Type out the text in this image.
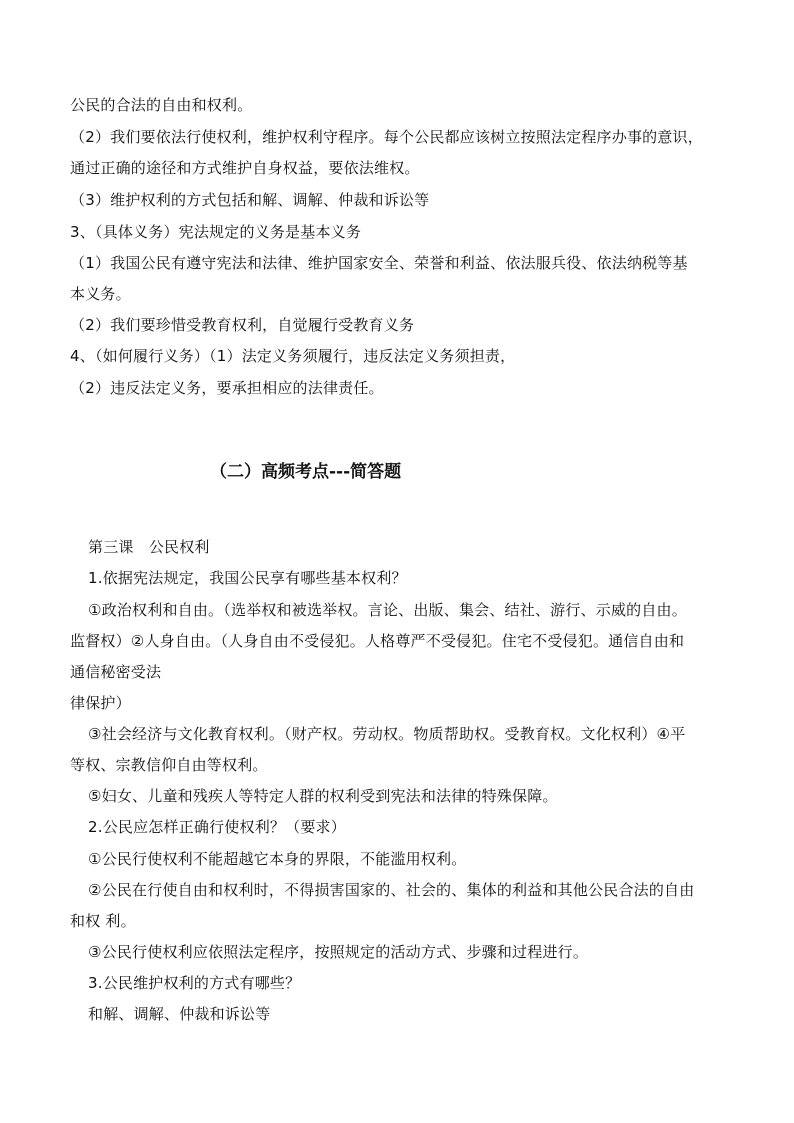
公民的合法的自由和权利。
（2）我们要依法行使权利，维护权利守程序。每个公民都应该树立按照法定程序办事的意识，
通过正确的途径和方式维护自身权益，要依法维权。
（3）维护权利的方式包括和解、调解、仲裁和诉讼等
3、（具体义务）宪法规定的义务是基本义务
（1）我国公民有遵守宪法和法律、维护国家安全、荣誉和利益、依法服兵役、依法纳税等基
本义务。
（2）我们要珍惜受教育权利，自觉履行受教育义务
4、（如何履行义务）（1）法定义务须履行，违反法定义务须担责，
（2）违反法定义务，要承担相应的法律责任。
（二）高频考点---简答题
第三课　公民权利
1.依据宪法规定，我国公民享有哪些基本权利？
①政治权利和自由。（选举权和被选举权。言论、出版、集会、结社、游行、示威的自由。
监督权）②人身自由。（人身自由不受侵犯。人格尊严不受侵犯。住宅不受侵犯。通信自由和
通信秘密受法
律保护）
③社会经济与文化教育权利。（财产权。劳动权。物质帮助权。受教育权。文化权利）④平
等权、宗教信仰自由等权利。
⑤妇女、儿童和残疾人等特定人群的权利受到宪法和法律的特殊保障。
2.公民应怎样正确行使权利？（要求）
①公民行使权利不能超越它本身的界限，不能滥用权利。
②公民在行使自由和权利时，不得损害国家的、社会的、集体的利益和其他公民合法的自由
和权 利。
③公民行使权利应依照法定程序，按照规定的活动方式、步骤和过程进行。
3.公民维护权利的方式有哪些？
和解、调解、仲裁和诉讼等
